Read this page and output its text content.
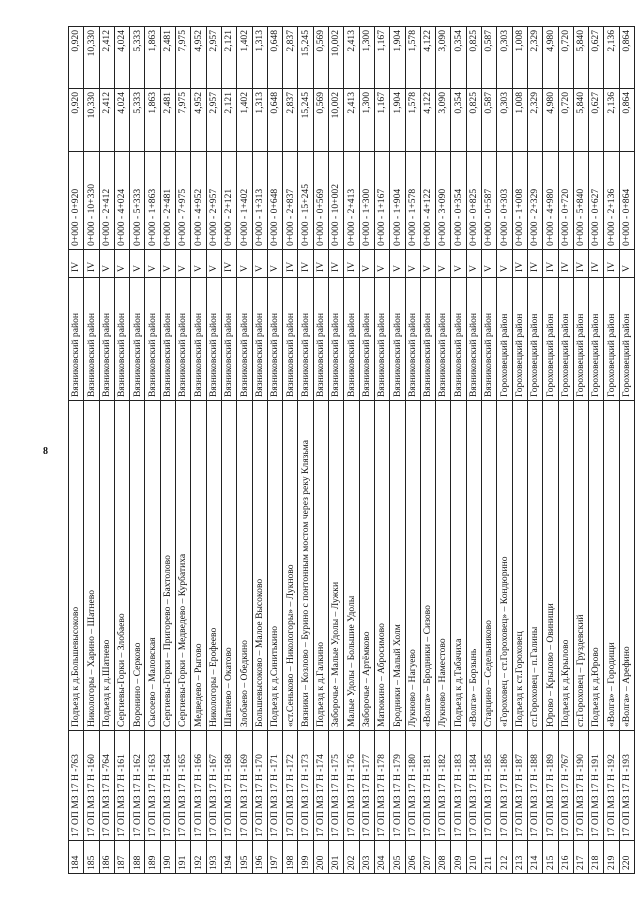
8
184	17 ОП МЗ 17 Н -763	Подъезд к д.Большевысоково	Вязниковский район	IV	0+000 - 0+920	0,920	0,920
185	17 ОП МЗ 17 Н -160	Никологоры – Харино – Шатнево	Вязниковский район	IV	0+000 - 10+330	10,330	10,330
186	17 ОП МЗ 17 Н -764	Подъезд к д.Шатнево	Вязниковский район	V	0+000 - 2+412	2,412	2,412
187	17 ОП МЗ 17 Н -161	Сергиевы-Горки – Злобаево	Вязниковский район	V	0+000 - 4+024	4,024	4,024
188	17 ОП МЗ 17 Н -162	Воронино – Серково	Вязниковский район	V	0+000 - 5+333	5,333	5,333
189	17 ОП МЗ 17 Н -163	Сысоево – Маловская	Вязниковский район	V	0+000 - 1+863	1,863	1,863
190	17 ОП МЗ 17 Н -164	Сергиевы-Горки – Пригорево – Бахтолово	Вязниковский район	V	0+000 - 2+481	2,481	2,481
191	17 ОП МЗ 17 Н -165	Сергиевы-Горки – Медведево – Курбатиха	Вязниковский район	V	0+000 - 7+975	7,975	7,975
192	17 ОП МЗ 17 Н -166	Медведево – Рыгово	Вязниковский район	V	0+000 - 4+952	4,952	4,952
193	17 ОП МЗ 17 Н -167	Никологоры – Ерофеево	Вязниковский район	V	0+000 - 2+957	2,957	2,957
194	17 ОП МЗ 17 Н -168	Шатнево – Окатово	Вязниковский район	IV	0+000 - 2+121	2,121	2,121
195	17 ОП МЗ 17 Н -169	Злобаево – Обедкино	Вязниковский район	V	0+000 - 1+402	1,402	1,402
196	17 ОП МЗ 17 Н -170	Большевысоково – Малое Высоково	Вязниковский район	V	0+000 - 1+313	1,313	1,313
197	17 ОП МЗ 17 Н -171	Подъезд к д.Синитькино	Вязниковский район	V	0+000 - 0+648	0,648	0,648
198	17 ОП МЗ 17 Н -172	«ст.Сеньково – Никологоры» – Лукново	Вязниковский район	IV	0+000 - 2+837	2,837	2,837
199	17 ОП МЗ 17 Н -173	Вязники – Козлово – Бурино с понтонным мостом через реку Клязьма	Вязниковский район	IV	0+000 - 15+245	15,245	15,245
200	17 ОП МЗ 17 Н -174	Подъезд к д.Галкино	Вязниковский район	IV	0+000 - 0+569	0,569	0,569
201	17 ОП МЗ 17 Н -175	Заборочье – Малые Удолы – Лужки	Вязниковский район	IV	0+000 - 10+002	10,002	10,002
202	17 ОП МЗ 17 Н -176	Малые Удолы – Большие Удолы	Вязниковский район	IV	0+000 - 2+413	2,413	2,413
203	17 ОП МЗ 17 Н -177	Заборочье – Артёмково	Вязниковский район	V	0+000 - 1+300	1,300	1,300
204	17 ОП МЗ 17 Н -178	Матюкино – Абросимово	Вязниковский район	V	0+000 - 1+167	1,167	1,167
205	17 ОП МЗ 17 Н -179	Бродники – Малый Холм	Вязниковский район	V	0+000 - 1+904	1,904	1,904
206	17 ОП МЗ 17 Н -180	Лукново – Нагуево	Вязниковский район	V	0+000 - 1+578	1,578	1,578
207	17 ОП МЗ 17 Н -181	«Волга» – Бродники – Сизово	Вязниковский район	V	0+000 - 4+122	4,122	4,122
208	17 ОП МЗ 17 Н -182	Лукново – Наместово	Вязниковский район	V	0+000 - 3+090	3,090	3,090
209	17 ОП МЗ 17 Н -183	Подъезд к д.Табачиха	Вязниковский район	V	0+000 - 0+354	0,354	0,354
210	17 ОП МЗ 17 Н -184	«Волга» – Борзынь	Вязниковский район	V	0+000 - 0+825	0,825	0,825
211	17 ОП МЗ 17 Н -185	Старцино – Седельниково	Вязниковский район	V	0+000 - 0+587	0,587	0,587
212	17 ОП МЗ 17 Н -186	«Гороховец – ст.Гороховец» – Кондюрино	Гороховецкий район	V	0+000 - 0+303	0,303	0,303
213	17 ОП МЗ 17 Н -187	Подъезд к ст.Гороховец	Гороховецкий район	IV	0+000 - 1+008	1,008	1,008
214	17 ОП МЗ 17 Н -188	ст.Гороховец – п.Галины	Гороховецкий район	IV	0+000 - 2+329	2,329	2,329
215	17 ОП МЗ 17 Н -189	Юрово – Крылово – Овинищи	Гороховецкий район	IV	0+000 - 4+980	4,980	4,980
216	17 ОП МЗ 17 Н -767	Подъезд к д.Крылово	Гороховецкий район	IV	0+000 - 0+720	0,720	0,720
217	17 ОП МЗ 17 Н -190	ст.Гороховец – Груздевский	Гороховецкий район	IV	0+000 - 5+840	5,840	5,840
218	17 ОП МЗ 17 Н -191	Подъезд к д.Юрово	Гороховецкий район	IV	0+000 - 0+627	0,627	0,627
219	17 ОП МЗ 17 Н -192	«Волга» – Городищи	Гороховецкий район	IV	0+000 - 2+136	2,136	2,136
220	17 ОП МЗ 17 Н -193	«Волга» – Арефино	Гороховецкий район	V	0+000 - 0+864	0,864	0,864
